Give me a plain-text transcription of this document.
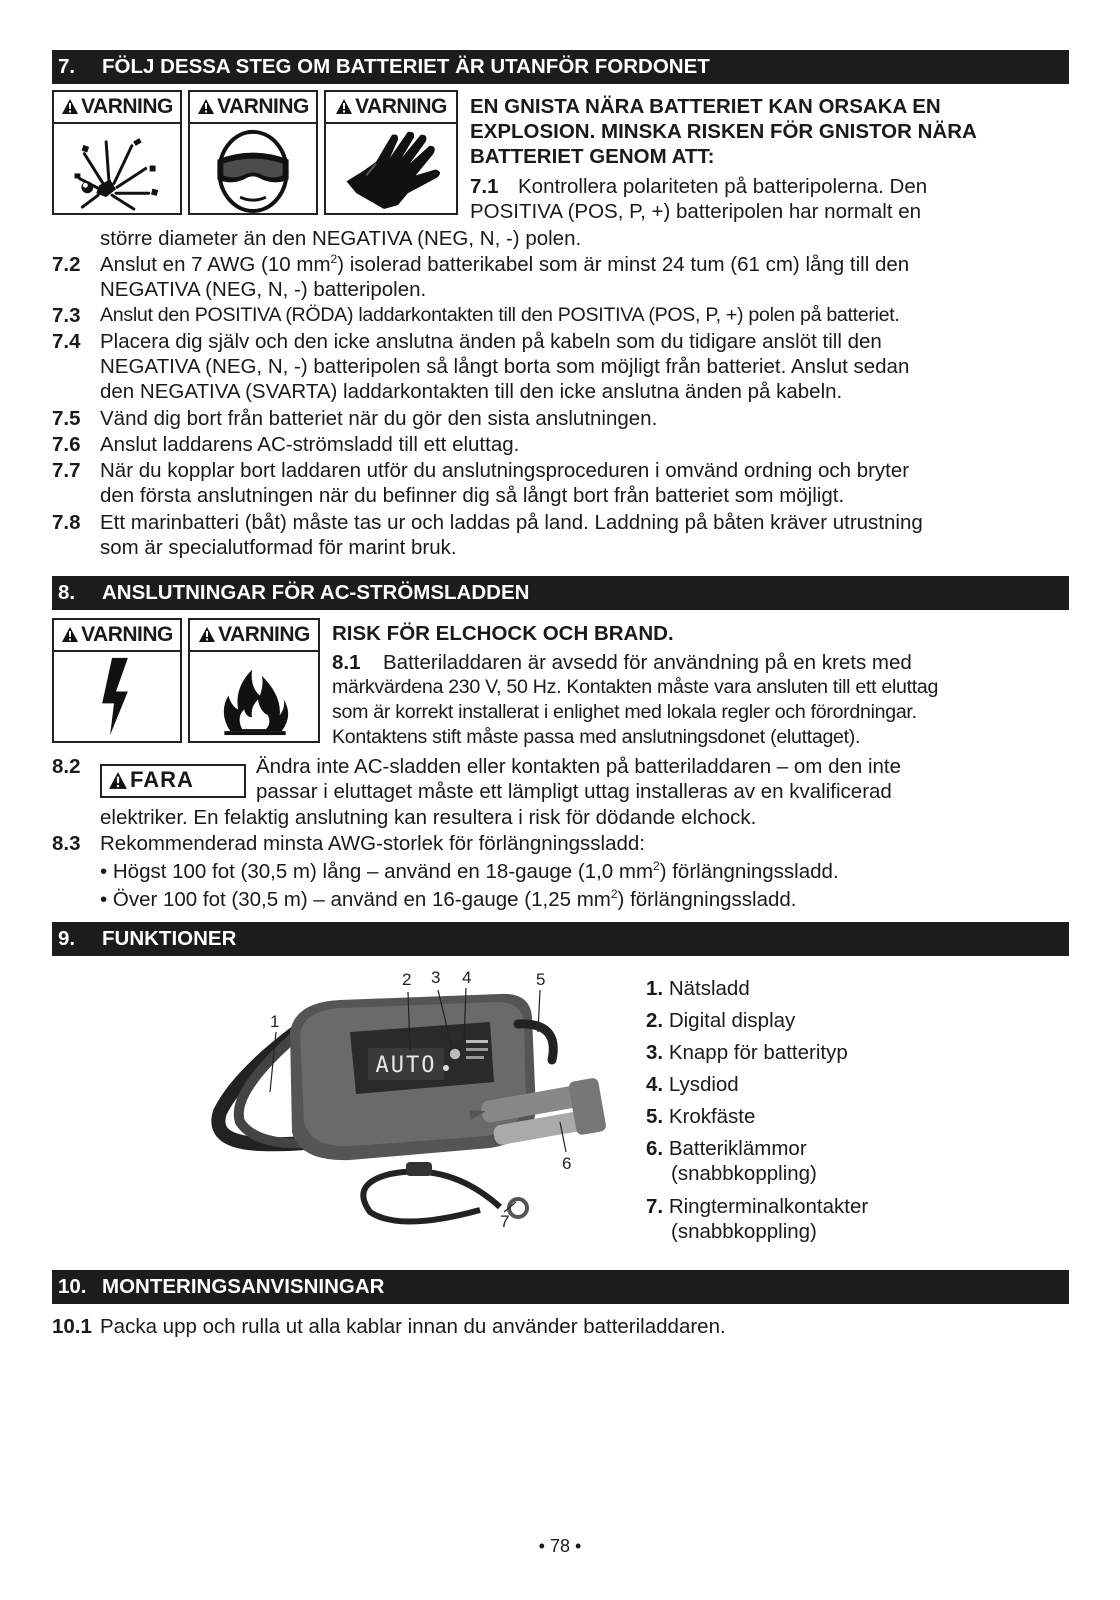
7. FÖLJ DESSA STEG OM BATTERIET ÄR UTANFÖR FORDONET
VARNING	VARNING	VARNING	EN GNISTA NÄRA BATTERIET KAN ORSAKA EN
EXPLOSION. MINSKA RISKEN FÖR GNISTOR NÄRA
BATTERIET GENOM ATT:
7.1 Kontrollera polariteten på batteripolerna. Den
POSITIVA (POS, P, +) batteripolen har normalt en
större diameter än den NEGATIVA (NEG, N, -) polen.
7.2 Anslut en 7 AWG (10 $mm^2$) isolerad batterikabel som är minst 24 tum (61 cm) lång till den
NEGATIVA (NEG, N, -) batteripolen.
7.3 Anslut den POSITIVA (RÖDA) laddarkontakten till den POSITIVA (POS, P, +) polen på batteriet.
7.4 Placera dig själv och den icke anslutna änden på kabeln som du tidigare anslöt till den
NEGATIVA (NEG, N, -) batteripolen så långt borta som möjligt från batteriet. Anslut sedan
den NEGATIVA (SVARTA) laddarkontakten till den icke anslutna änden på kabeln.
7.5 Vänd dig bort från batteriet när du gör den sista anslutningen.
7.6 Anslut laddarens AC-strömsladd till ett eluttag.
7.7 När du kopplar bort laddaren utför du anslutningsproceduren i omvänd ordning och bryter
den första anslutningen när du befinner dig så långt bort från batteriet som möjligt.
7.8 Ett marinbatteri (båt) måste tas ur och laddas på land. Laddning på båten kräver utrustning
som är specialutformad för marint bruk.
8. ANSLUTNINGAR FÖR AC-STRÖMSLADDEN
VARNING	VARNING	RISK FÖR ELCHOCK OCH BRAND.
8.1 Batteriladdaren är avsedd för användning på en krets med
märkvärdena 230 V, 50 Hz. Kontakten måste vara ansluten till ett eluttag
som är korrekt installerat i enlighet med lokala regler och förordningar.
Kontaktens stift måste passa med anslutningsdonet (eluttaget).
8.2
FARA
Ändra inte AC-sladden eller kontakten på batteriladdaren – om den inte
passar i eluttaget måste ett lämpligt uttag installeras av en kvalificerad
elektriker. En felaktig anslutning kan resultera i risk för dödande elchock.
8.3 Rekommenderad minsta AWG-storlek för förlängningssladd:
• Högst 100 fot (30,5 m) lång – använd en 18-gauge (1,0 $mm^2$) förlängningssladd.
• Över 100 fot (30,5 m) – använd en 16-gauge (1,25 $mm^2$) förlängningssladd.
9. FUNKTIONER
AUTO
1
2 3 4	5
6
7
1. Nätsladd
2. Digital display
3. Knapp för batterityp
4. Lysdiod
5. Krokfäste
6. Batteriklämmor
(snabbkoppling)
7. Ringterminalkontakter
(snabbkoppling)
10. MONTERINGSANVISNINGAR
10.1 Packa upp och rulla ut alla kablar innan du använder batteriladdaren.
• 78 •
